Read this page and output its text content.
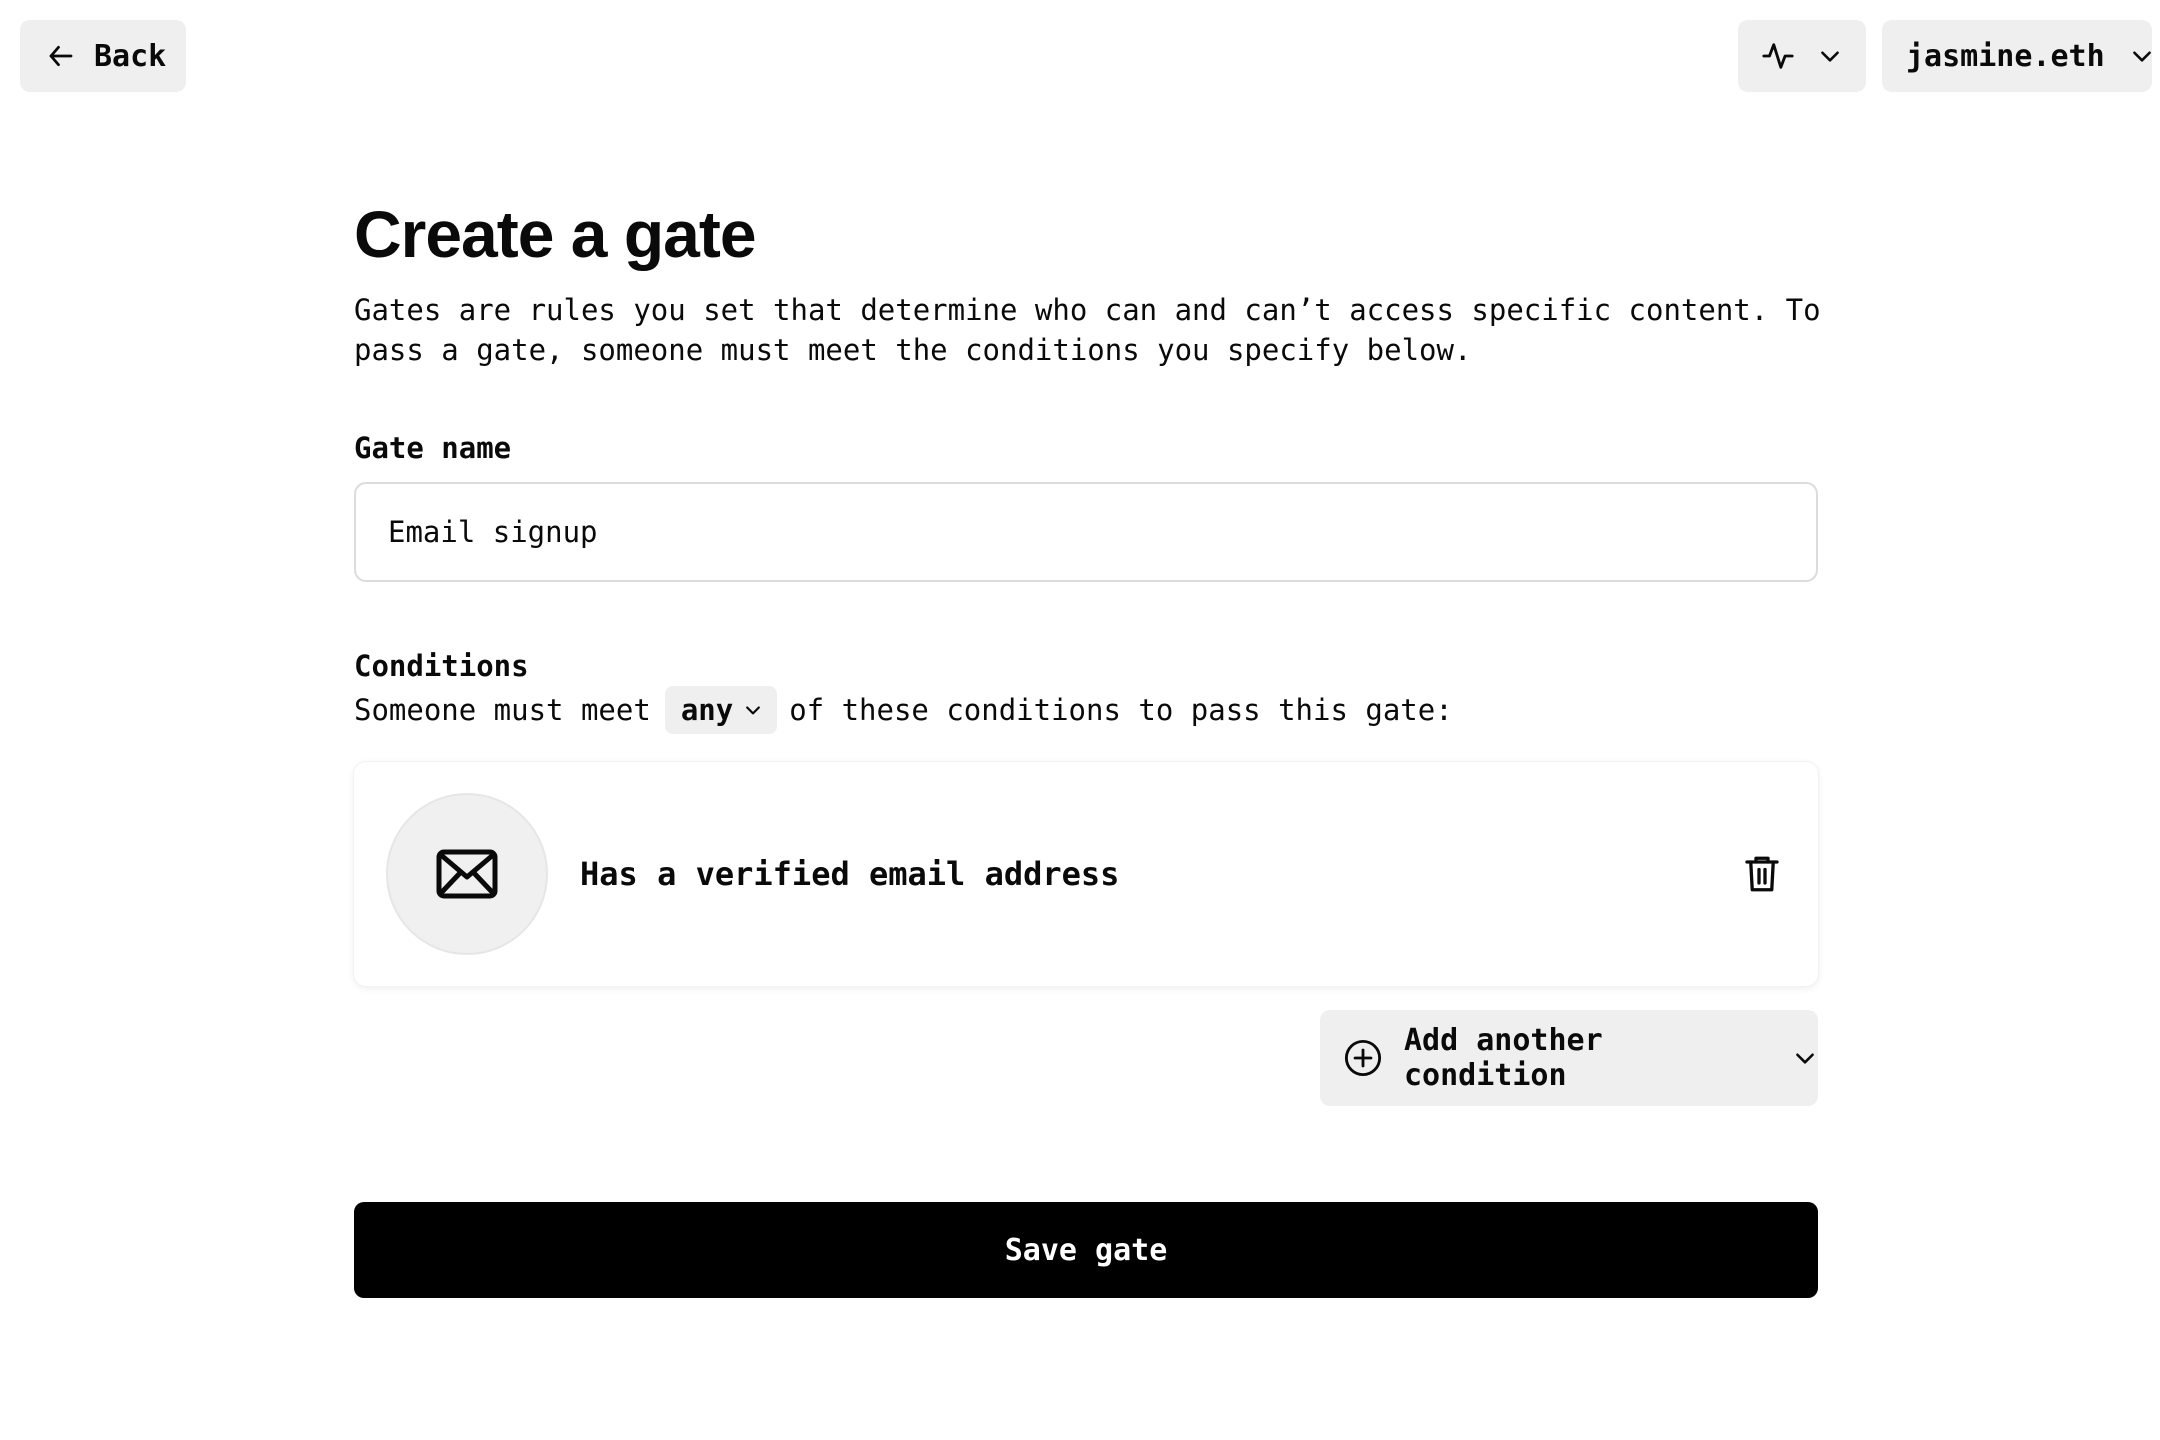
Back	jasmine.eth
Create a gate

Gates are rules you set that determine who can and can’t access specific content. To pass a gate, someone must meet the conditions you specify below.

Gate name
Email signup
Conditions
Someone must meet any of these conditions to pass this gate:
Has a verified email address
Add another condition
Save gate
